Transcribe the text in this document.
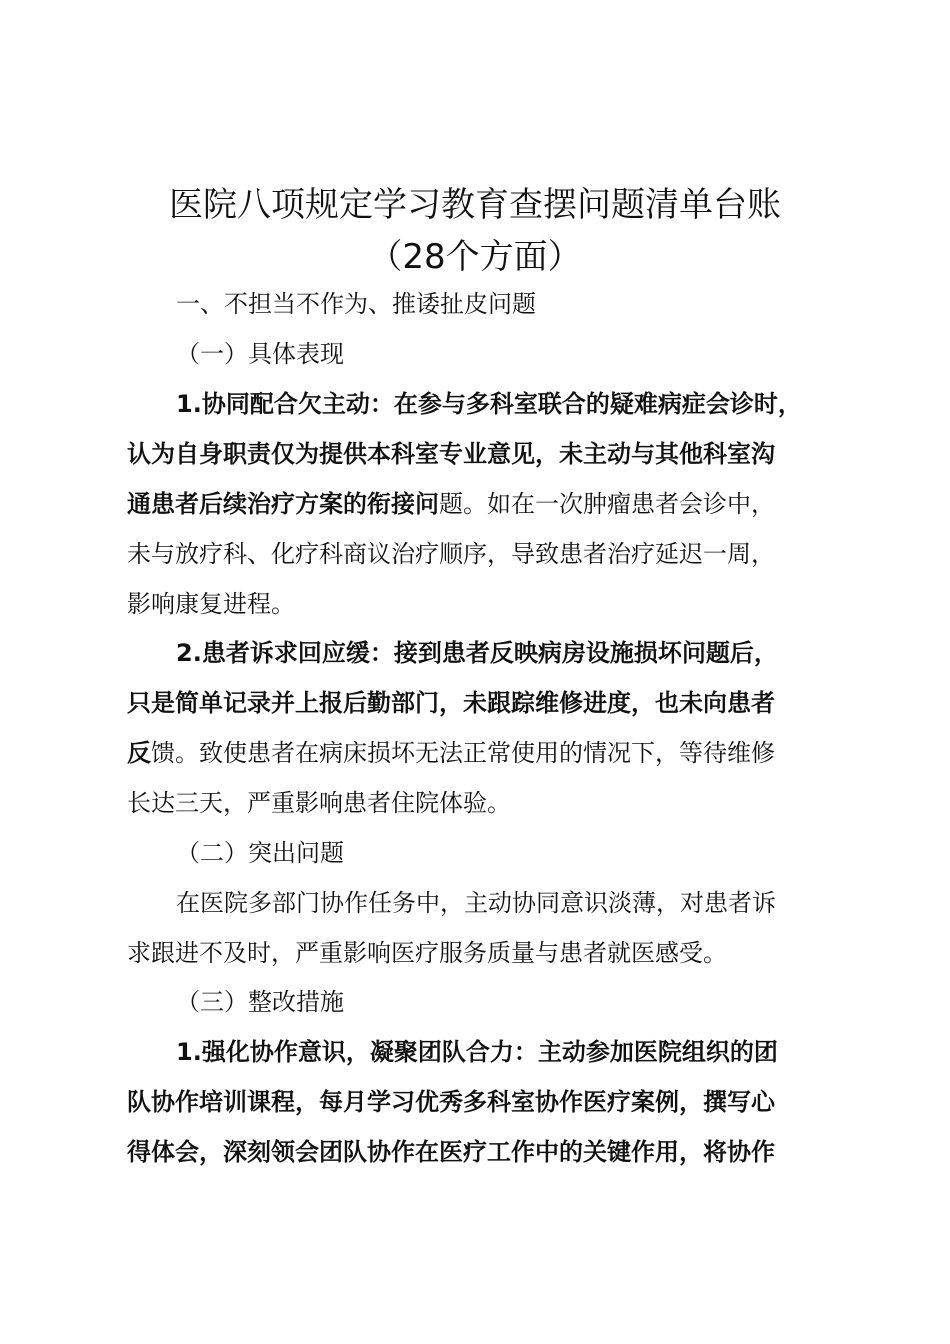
医院八项规定学习教育查摆问题清单台账
（28个方面）
一、不担当不作为、推诿扯皮问题
（一）具体表现
1.协同配合欠主动：在参与多科室联合的疑难病症会诊时，
认为自身职责仅为提供本科室专业意见，未主动与其他科室沟
通患者后续治疗方案的衔接问题。如在一次肿瘤患者会诊中，
未与放疗科、化疗科商议治疗顺序，导致患者治疗延迟一周，
影响康复进程。
2.患者诉求回应缓：接到患者反映病房设施损坏问题后，
只是简单记录并上报后勤部门，未跟踪维修进度，也未向患者
反馈。致使患者在病床损坏无法正常使用的情况下，等待维修
长达三天，严重影响患者住院体验。
（二）突出问题
在医院多部门协作任务中，主动协同意识淡薄，对患者诉
求跟进不及时，严重影响医疗服务质量与患者就医感受。
（三）整改措施
1.强化协作意识，凝聚团队合力：主动参加医院组织的团
队协作培训课程，每月学习优秀多科室协作医疗案例，撰写心
得体会，深刻领会团队协作在医疗工作中的关键作用，将协作
